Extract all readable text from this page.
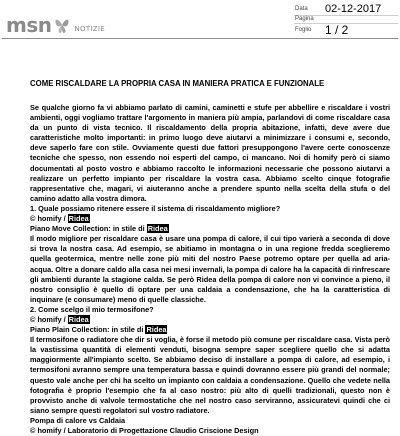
msn	NOTIZIE
Data	02-12-2017
Pagina
Foglio	1 / 2

COME RISCALDARE LA PROPRIA CASA IN MANIERA PRATICA E FUNZIONALE

Se qualche giorno fa vi abbiamo parlato di camini, caminetti e stufe per abbellire e riscaldare i vostri ambienti, oggi vogliamo trattare l'argomento in maniera più ampia, parlandovi di come riscaldare casa da un punto di vista tecnico. Il riscaldamento della propria abitazione, infatti, deve avere due caratteristiche molto importanti: in primo luogo deve aiutarvi a minimizzare i consumi e, secondo, deve saperlo fare con stile. Ovviamente questi due fattori presuppongono l'avere certe conoscenze tecniche che spesso, non essendo noi esperti del campo, ci mancano. Noi di homify però ci siamo documentati al posto vostro e abbiamo raccolto le informazioni necessarie che possono aiutarvi a realizzare un perfetto impianto per riscaldare la vostra casa. Abbiamo scelto cinque fotografie rappresentative che, magari, vi aiuteranno anche a prendere spunto nella scelta della stufa o del camino adatto alla vostra dimora.

1. Quale possiamo ritenere essere il sistema di riscaldamento migliore?

© homify / Ridea

Piano Move Collection: in stile di Ridea

Il modo migliore per riscaldare casa è usare una pompa di calore, il cui tipo varierà a seconda di dove si trova la nostra casa. Ad esempio, se abitiamo in montagna o in una regione fredda sceglieremo quella geotermica, mentre nelle zone più miti del nostro Paese potremo optare per quella ad aria-acqua. Oltre a donare caldo alla casa nei mesi invernali, la pompa di calore ha la capacità di rinfrescare gli ambienti durante la stagione calda. Se però Ridea della pompa di calore non vi convince a pieno, il nostro consiglio è quello di optare per una caldaia a condensazione, che ha la caratteristica di inquinare (e consumare) meno di quelle classiche.

2. Come scelgo il mio termosifone?

© homify / Ridea

Piano Plain Collection: in stile di Ridea

Il termosifone o radiatore che dir si voglia, è forse il metodo più comune per riscaldare casa. Vista però la vastissima quantità di elementi venduti, bisogna sempre saper scegliere quello che si adatta maggiormente all'impianto scelto. Se abbiamo deciso di installare a pompa di calore, ad esempio, i termosifoni avranno sempre una temperatura bassa e quindi dovranno essere più grandi del normale; questo vale anche per chi ha scelto un impianto con caldaia a condensazione. Quello che vedete nella fotografia è proprio l'esempio che fa al caso nostro: più alto di quelli tradizionali, questo non è provvisto anche di valvole termostatiche che nel nostro caso serviranno, assicuratevi quindi che ci siano sempre questi regolatori sul vostro radiatore.

Pompa di calore vs Caldaia

© homify / Laboratorio di Progettazione Claudio Criscione Design
